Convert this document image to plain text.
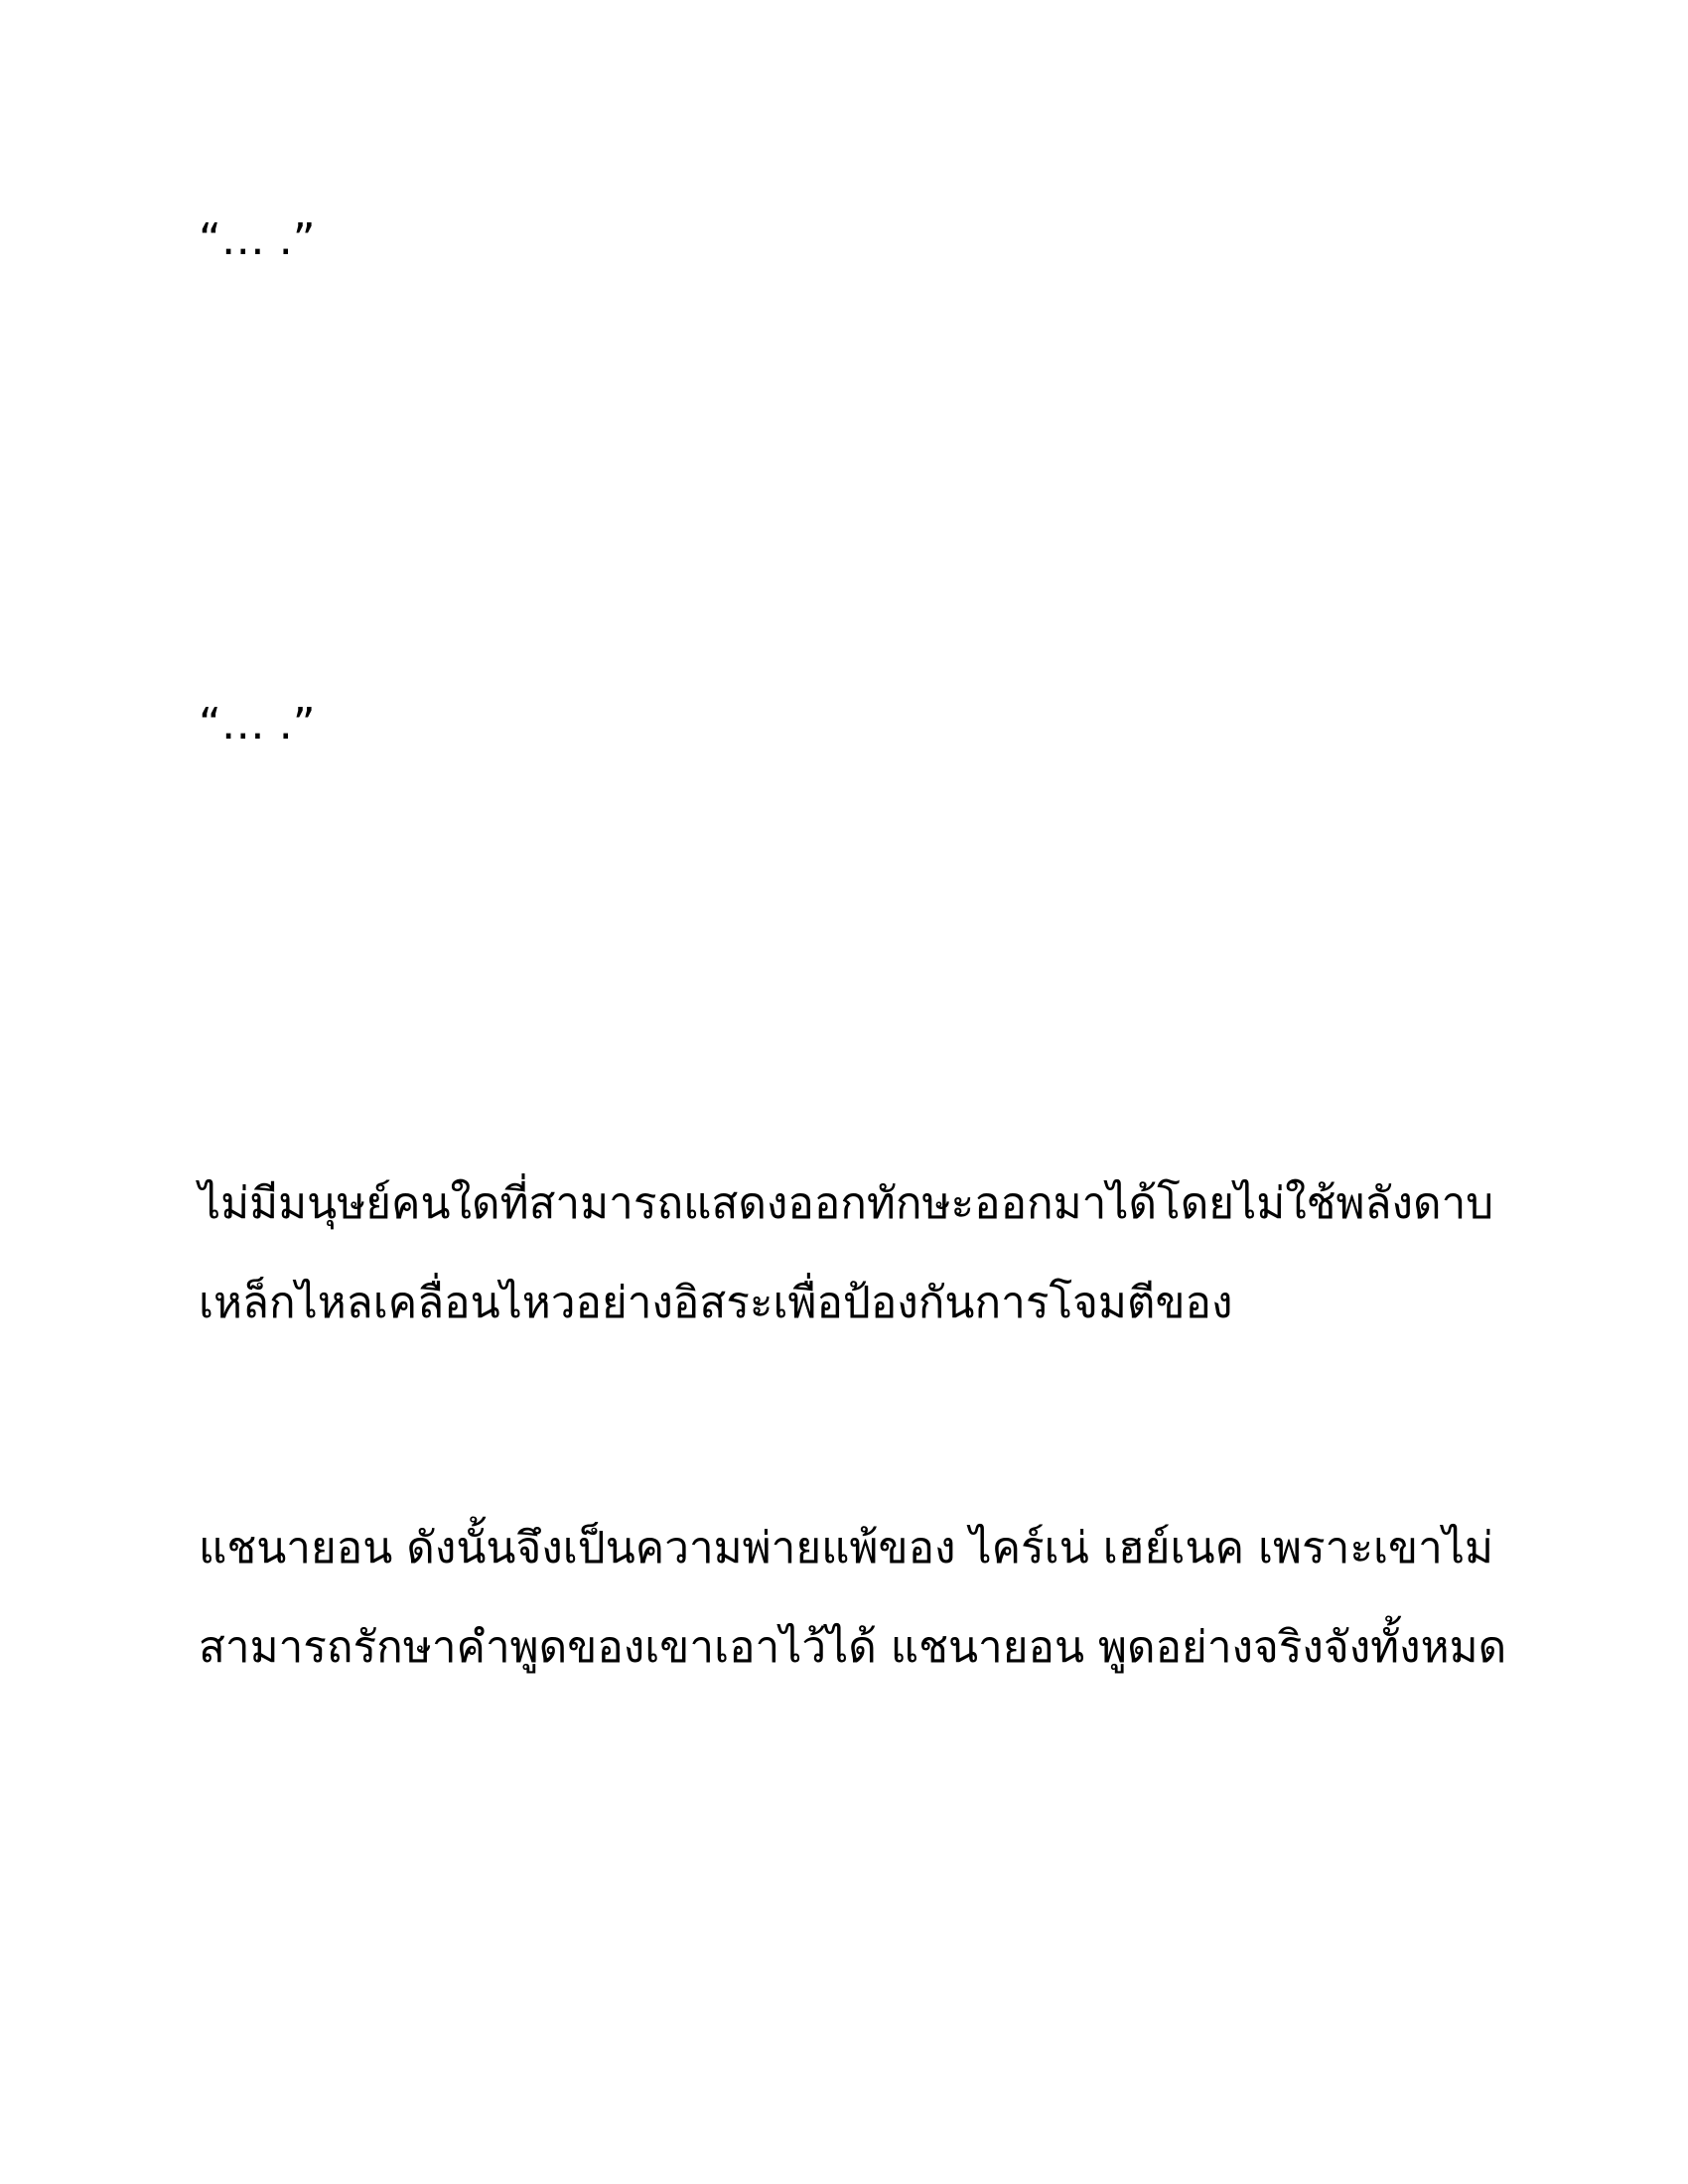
“… .”
“… .”
ไม่มีมนุษย์คนใดที่สามารถแสดงออกทักษะออกมาได้โดยไม่ใช้พลังดาบ
เหล็กไหลเคลื่อนไหวอย่างอิสระเพื่อป้องกันการโจมตีของ
แชนายอน ดังนั้นจึงเป็นความพ่ายแพ้ของ ไคร์เน่ เฮย์เนค เพราะเขาไม่
สามารถรักษาคำพูดของเขาเอาไว้ได้ แชนายอน พูดอย่างจริงจังทั้งหมด
